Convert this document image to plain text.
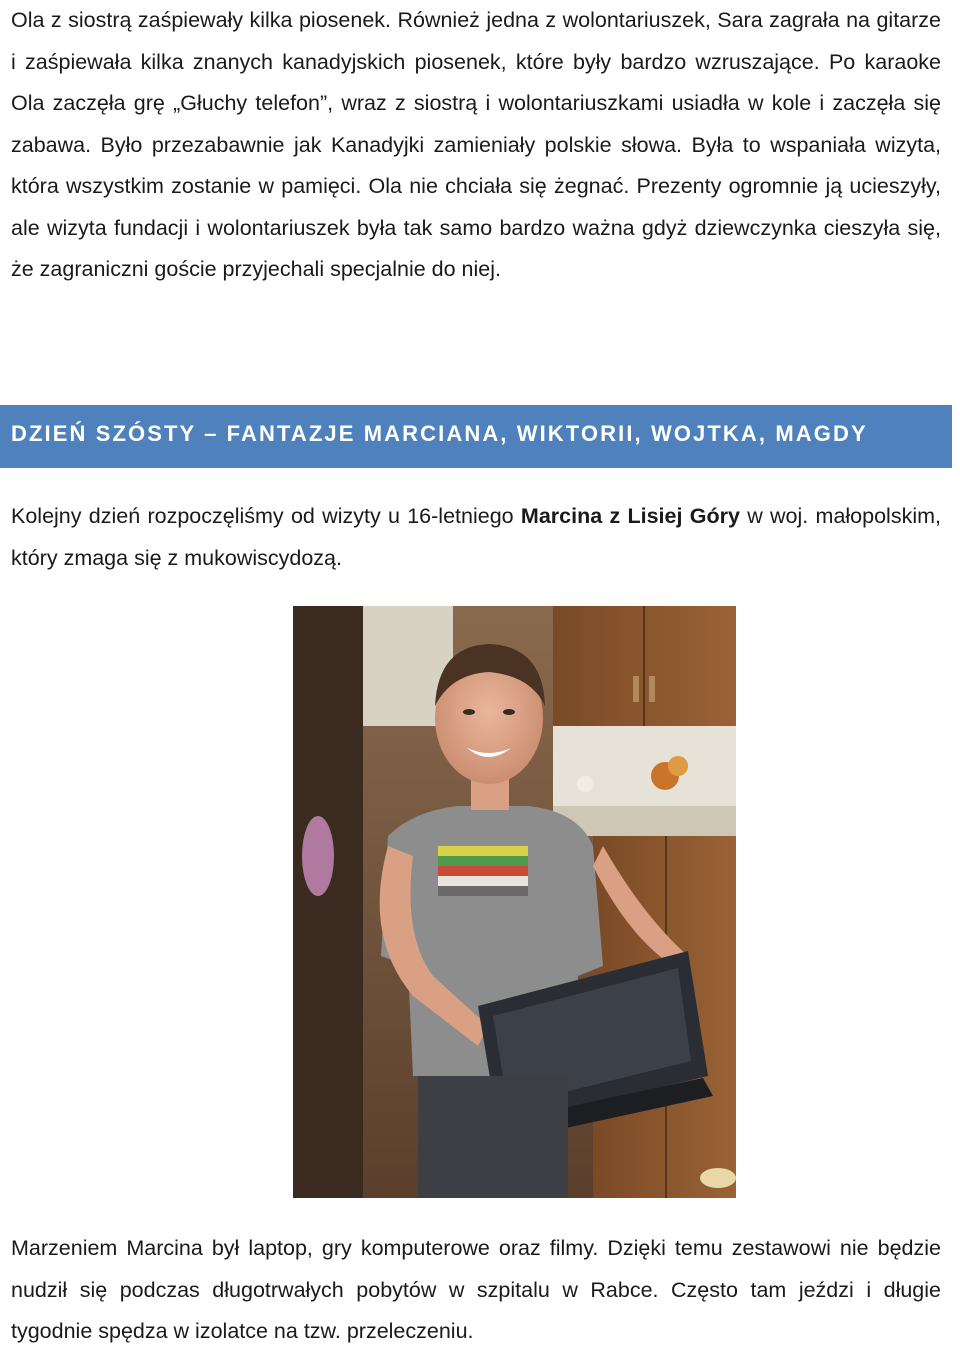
Ola z siostrą zaśpiewały kilka piosenek. Również jedna z wolontariuszek, Sara zagrała na gitarze i zaśpiewała kilka znanych kanadyjskich piosenek, które były bardzo wzruszające. Po karaoke Ola zaczęła grę „Głuchy telefon”, wraz z siostrą i wolontariuszkami usiadła w kole i zaczęła się zabawa. Było przezabawnie jak Kanadyjki zamieniały polskie słowa. Była to wspaniała wizyta, która wszystkim zostanie w pamięci. Ola nie chciała się żegnać. Prezenty ogromnie ją ucieszyły, ale wizyta fundacji i wolontariuszek była tak samo bardzo ważna gdyż dziewczynka cieszyła się, że zagraniczni goście przyjechali specjalnie do niej.

DZIEŃ SZÓSTY – FANTAZJE MARCIANA, WIKTORII, WOJTKA, MAGDY

Kolejny dzień rozpoczęliśmy od wizyty u 16-letniego Marcina z Lisiej Góry w woj. małopolskim, który zmaga się z mukowiscydozą.

Marzeniem Marcina był laptop, gry komputerowe oraz filmy. Dzięki temu zestawowi nie będzie nudził się podczas długotrwałych pobytów w szpitalu w Rabce. Często tam jeździ i długie tygodnie spędza w izolatce na tzw. przeleczeniu.
